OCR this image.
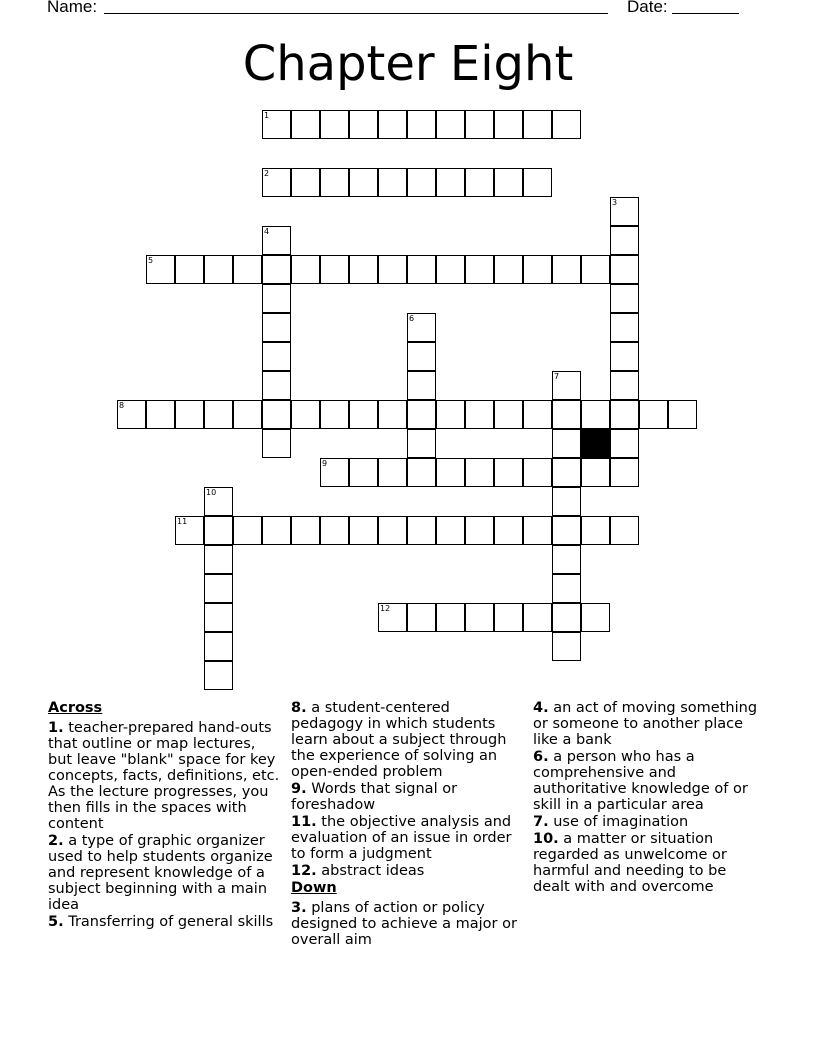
Name:	Date:
Chapter Eight
1
2
3
4
5
6
7
8
9
10
11
12
Across
1. teacher-prepared hand-outs that outline or map lectures, but leave "blank" space for key concepts, facts, definitions, etc. As the lecture progresses, you then fills in the spaces with content
2. a type of graphic organizer used to help students organize and represent knowledge of a subject beginning with a main idea
5. Transferring of general skills
8. a student-centered pedagogy in which students learn about a subject through the experience of solving an open-ended problem
9. Words that signal or foreshadow
11. the objective analysis and evaluation of an issue in order to form a judgment
12. abstract ideas
Down
3. plans of action or policy designed to achieve a major or overall aim
4. an act of moving something or someone to another place like a bank
6. a person who has a comprehensive and authoritative knowledge of or skill in a particular area
7. use of imagination
10. a matter or situation regarded as unwelcome or harmful and needing to be dealt with and overcome
